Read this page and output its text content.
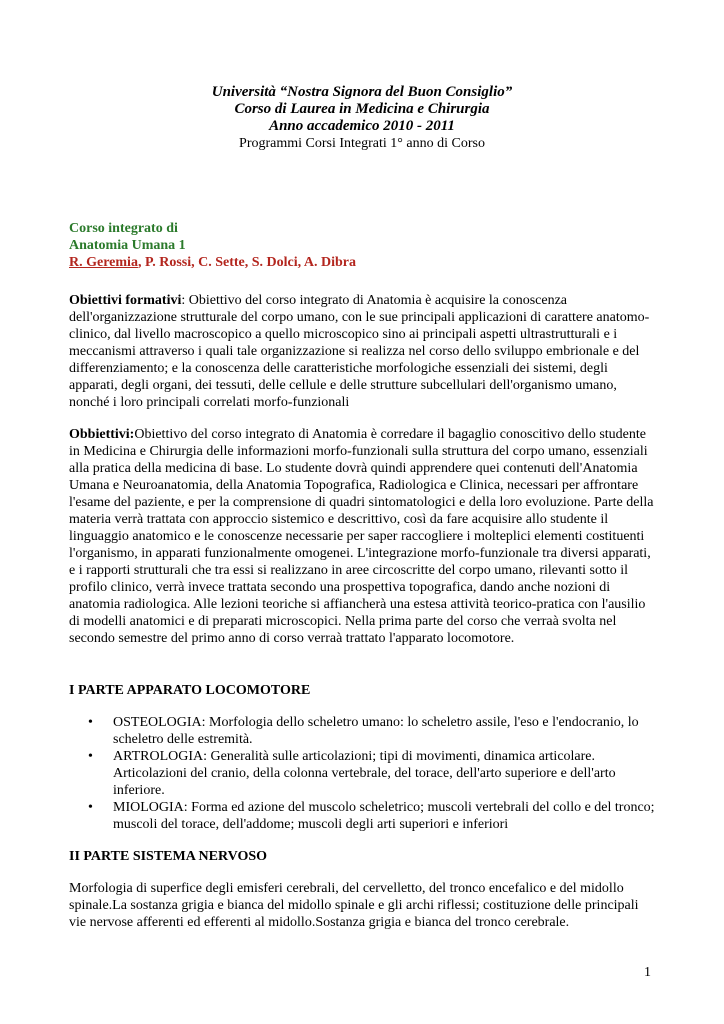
Università “Nostra Signora del Buon Consiglio”
Corso di Laurea in Medicina e Chirurgia
Anno accademico 2010 - 2011
Programmi Corsi Integrati 1° anno di Corso
Corso integrato di
Anatomia Umana 1
R. Geremia, P. Rossi, C. Sette, S. Dolci, A. Dibra
Obiettivi formativi: Obiettivo del corso integrato di Anatomia è acquisire la conoscenza dell'organizzazione strutturale del corpo umano, con le sue principali applicazioni di carattere anatomo-clinico, dal livello macroscopico a quello microscopico sino ai principali aspetti ultrastrutturali e i meccanismi attraverso i quali tale organizzazione si realizza nel corso dello sviluppo embrionale e del differenziamento; e la conoscenza delle caratteristiche morfologiche essenziali dei sistemi, degli apparati, degli organi, dei tessuti, delle cellule e delle strutture subcellulari dell'organismo umano, nonché i loro principali correlati morfo-funzionali
Obbiettivi:Obiettivo del corso integrato di Anatomia è corredare il bagaglio conoscitivo dello studente in Medicina e Chirurgia delle informazioni morfo-funzionali sulla struttura del corpo umano, essenziali alla pratica della medicina di base. Lo studente dovrà quindi apprendere quei contenuti dell'Anatomia Umana e Neuroanatomia, della Anatomia Topografica, Radiologica e Clinica, necessari per affrontare l'esame del paziente, e per la comprensione di quadri sintomatologici e della loro evoluzione. Parte della materia verrà trattata con approccio sistemico e descrittivo, così da fare acquisire allo studente il linguaggio anatomico e le conoscenze necessarie per saper raccogliere i molteplici elementi costituenti l'organismo, in apparati funzionalmente omogenei. L'integrazione morfo-funzionale tra diversi apparati, e i rapporti strutturali che tra essi si realizzano in aree circoscritte del corpo umano, rilevanti sotto il profilo clinico, verrà invece trattata secondo una prospettiva topografica, dando anche nozioni di anatomia radiologica. Alle lezioni teoriche si affiancherà una estesa attività teorico-pratica con l'ausilio di modelli anatomici e di preparati microscopici. Nella prima parte del corso che verraà svolta nel secondo semestre del primo anno di corso verraà trattato l'apparato locomotore.
I PARTE APPARATO LOCOMOTORE
• OSTEOLOGIA: Morfologia dello scheletro umano: lo scheletro assile, l'eso e l'endocranio, lo scheletro delle estremità.
• ARTROLOGIA: Generalità sulle articolazioni; tipi di movimenti, dinamica articolare. Articolazioni del cranio, della colonna vertebrale, del torace, dell'arto superiore e dell'arto inferiore.
• MIOLOGIA: Forma ed azione del muscolo scheletrico; muscoli vertebrali del collo e del tronco; muscoli del torace, dell'addome; muscoli degli arti superiori e inferiori
II PARTE SISTEMA NERVOSO
Morfologia di superfice degli emisferi cerebrali, del cervelletto, del tronco encefalico e del midollo spinale.La sostanza grigia e bianca del midollo spinale e gli archi riflessi; costituzione delle principali vie nervose afferenti ed efferenti al midollo.Sostanza grigia e bianca del tronco cerebrale.
1
